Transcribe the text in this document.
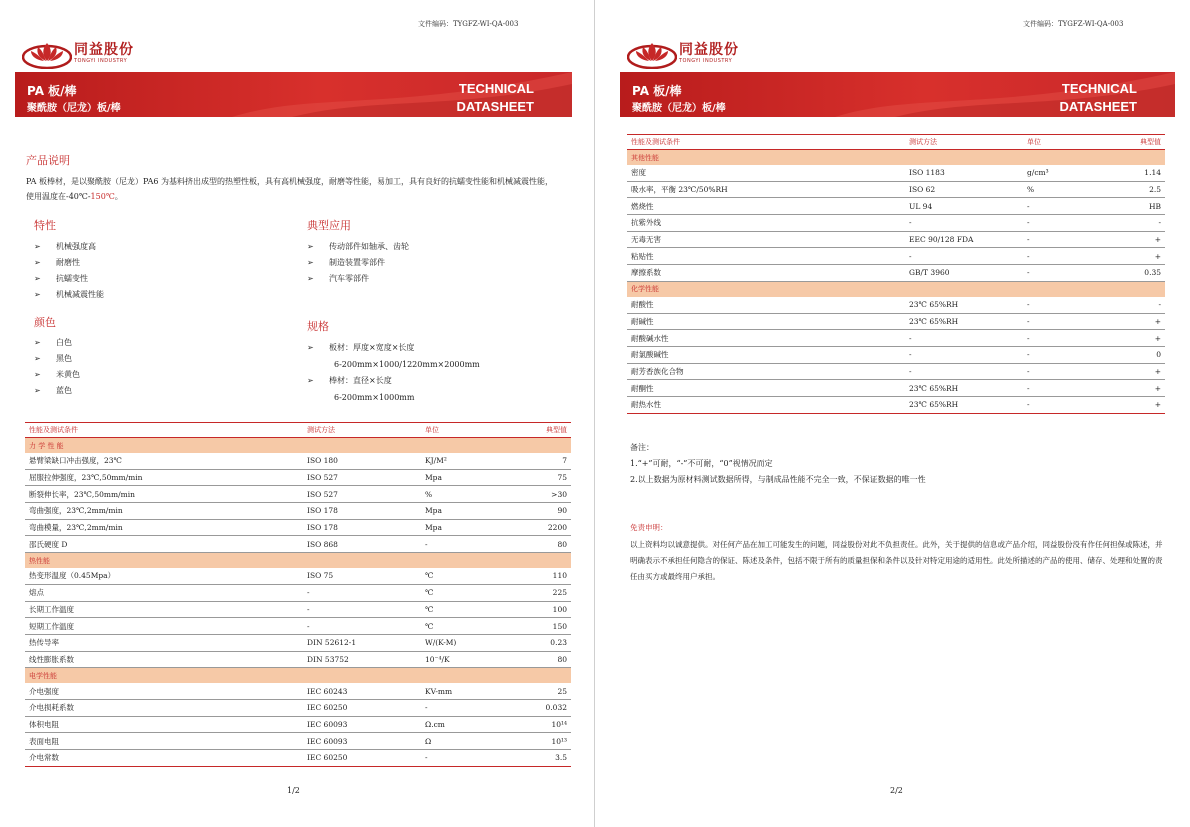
文件编码：TYGFZ-WI-QA-003
同益股份
TONGYI INDUSTRY
PA 板/棒
聚酰胺（尼龙）板/棒
TECHNICAL
DATASHEET
产品说明
PA 板棒材，是以聚酰胺（尼龙）PA6 为基料挤出成型的热塑性板，具有高机械强度，耐磨等性能，易加工，具有良好的抗蠕变性能和机械减震性能，使用温度在-40℃-150℃。
特性
➢ 机械强度高
➢ 耐磨性
➢ 抗蠕变性
➢ 机械减震性能
典型应用
➢ 传动部件如轴承、齿轮
➢ 制造装置零部件
➢ 汽车零部件
颜色
➢ 白色
➢ 黑色
➢ 米黄色
➢ 蓝色
规格
➢ 板材：厚度×宽度×长度
6-200mm×1000/1220mm×2000mm
➢ 棒材：直径×长度
6-200mm×1000mm
性能及测试条件	测试方法	单位	典型值
力 学 性 能			
悬臂梁缺口冲击强度，23℃	ISO 180	KJ/M²	7
屈服拉伸强度，23℃,50mm/min	ISO 527	Mpa	75
断裂伸长率，23℃,50mm/min	ISO 527	%	>30
弯曲强度，23℃,2mm/min	ISO 178	Mpa	90
弯曲模量，23℃,2mm/min	ISO 178	Mpa	2200
邵氏硬度 D	ISO 868	-	80
热性能			
热变形温度（0.45Mpa）	ISO 75	℃	110
熔点	-	℃	225
长期工作温度	-	℃	100
短期工作温度	-	℃	150
热传导率	DIN 52612-1	W/(K-M)	0.23
线性膨胀系数	DIN 53752	10⁻⁴/K	80
电学性能			
介电强度	IEC 60243	KV-mm	25
介电损耗系数	IEC 60250	-	0.032
体积电阻	IEC 60093	Ω.cm	10¹⁴
表面电阻	IEC 60093	Ω	10¹³
介电常数	IEC 60250	-	3.5
1/2
文件编码：TYGFZ-WI-QA-003
同益股份
TONGYI INDUSTRY
PA 板/棒
聚酰胺（尼龙）板/棒
TECHNICAL
DATASHEET
性能及测试条件	测试方法	单位	典型值
其他性能			
密度	ISO 1183	g/cm³	1.14
吸水率，平衡 23℃/50%RH	ISO 62	%	2.5
燃烧性	UL 94	-	HB
抗紫外线	-	-	-
无毒无害	EEC 90/128 FDA	-	+
粘贴性	-	-	+
摩擦系数	GB/T 3960	-	0.35
化学性能			
耐酸性	23℃ 65%RH	-	-
耐碱性	23℃ 65%RH	-	+
耐酸碱水性	-	-	+
耐氯酸碱性	-	-	0
耐芳香族化合物	-	-	+
耐酮性	23℃ 65%RH	-	+
耐热水性	23℃ 65%RH	-	+
2/2
备注：
1.“+”可耐，“-”不可耐，“0”视情况而定
2.以上数据为原材料测试数据所得，与制成品性能不完全一致，不保证数据的唯一性
免责申明：
以上资料均以诚意提供。对任何产品在加工可能发生的问题，同益股份对此不负担责任。此外，关于提供的信息或产品介绍，同益股份没有作任何担保或陈述，并明确表示不承担任何隐含的保证、陈述及条件，包括不限于所有的质量担保和条件以及针对特定用途的适用性。此处所描述的产品的使用、储存、处理和处置的责任由买方或最终用户承担。
